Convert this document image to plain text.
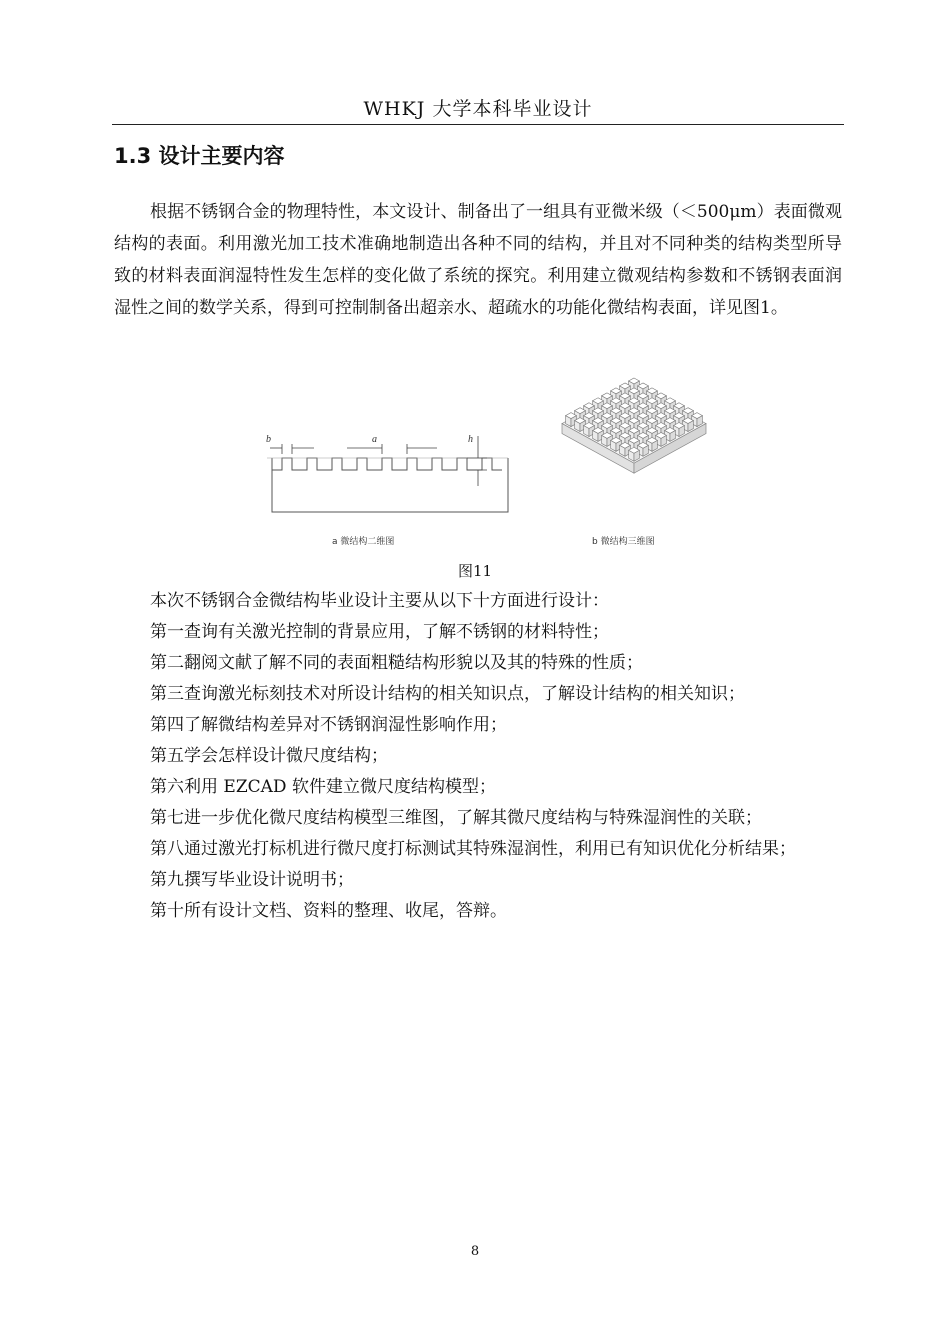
WHKJ 大学本科毕业设计
1.3 设计主要内容

根据不锈钢合金的物理特性，本文设计、制备出了一组具有亚微米级（＜500μm）表面微观结构的表面。利用激光加工技术准确地制造出各种不同的结构，并且对不同种类的结构类型所导致的材料表面润湿特性发生怎样的变化做了系统的探究。利用建立微观结构参数和不锈钢表面润湿性之间的数学关系，得到可控制制备出超亲水、超疏水的功能化微结构表面，详见图1。

b	a	h
a 微结构二维图	b 微结构三维图
图11

本次不锈钢合金微结构毕业设计主要从以下十方面进行设计：

第一查询有关激光控制的背景应用，了解不锈钢的材料特性；

第二翻阅文献了解不同的表面粗糙结构形貌以及其的特殊的性质；

第三查询激光标刻技术对所设计结构的相关知识点，了解设计结构的相关知识；

第四了解微结构差异对不锈钢润湿性影响作用；

第五学会怎样设计微尺度结构；

第六利用 EZCAD 软件建立微尺度结构模型；

第七进一步优化微尺度结构模型三维图，了解其微尺度结构与特殊湿润性的关联；

第八通过激光打标机进行微尺度打标测试其特殊湿润性，利用已有知识优化分析结果；

第九撰写毕业设计说明书；

第十所有设计文档、资料的整理、收尾，答辩。

8
